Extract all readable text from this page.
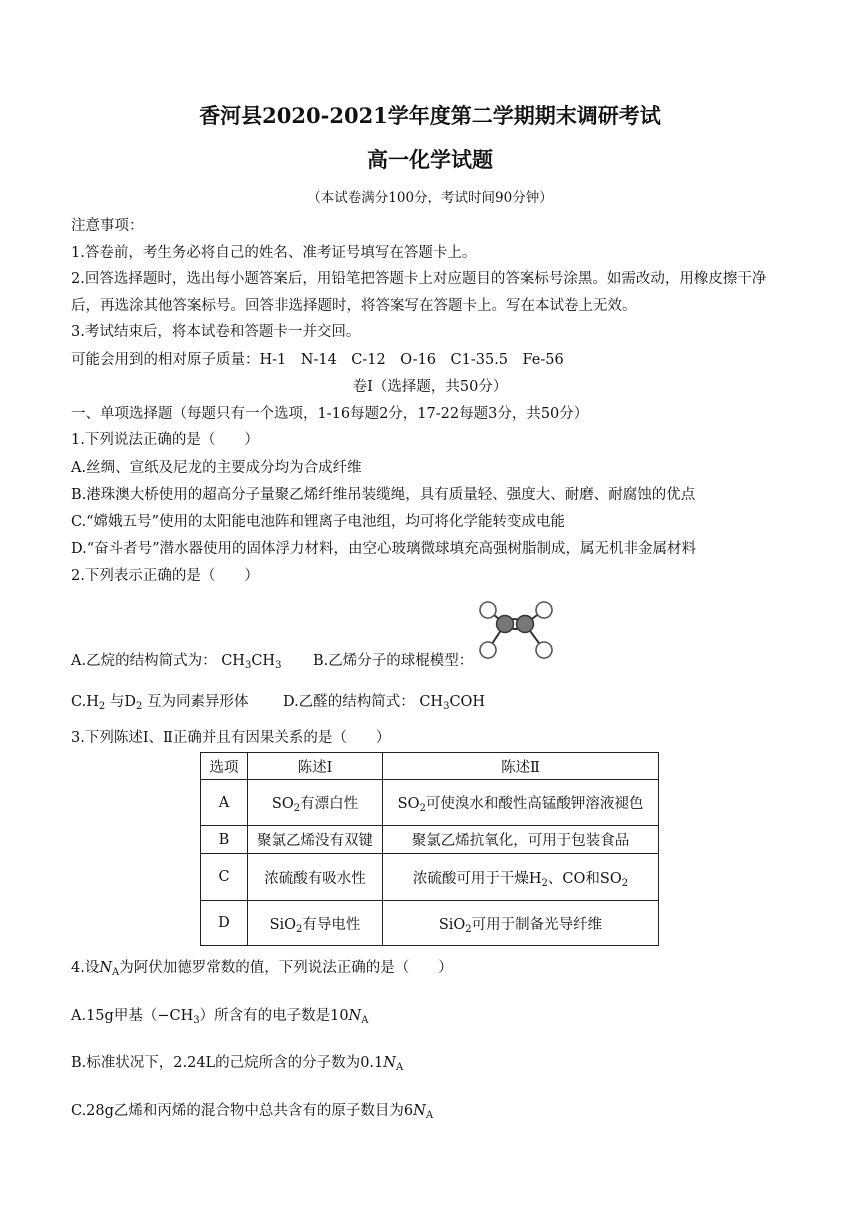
香河县2020-2021学年度第二学期期末调研考试
高一化学试题
（本试卷满分100分，考试时间90分钟）
注意事项：
1.答卷前，考生务必将自己的姓名、准考证号填写在答题卡上。
2.回答选择题时，选出每小题答案后，用铅笔把答题卡上对应题目的答案标号涂黑。如需改动，用橡皮擦干净
后，再选涂其他答案标号。回答非选择题时，将答案写在答题卡上。写在本试卷上无效。
3.考试结束后，将本试卷和答题卡一并交回。
可能会用到的相对原子质量：H-1　N-14　C-12　O-16　C1-35.5　Fe-56
卷Ⅰ（选择题，共50分）
一、单项选择题（每题只有一个选项，1-16每题2分，17-22每题3分，共50分）
1.下列说法正确的是（　　）
A.丝绸、宣纸及尼龙的主要成分均为合成纤维
B.港珠澳大桥使用的超高分子量聚乙烯纤维吊装缆绳，具有质量轻、强度大、耐磨、耐腐蚀的优点
C.“嫦娥五号”使用的太阳能电池阵和锂离子电池组，均可将化学能转变成电能
D.“奋斗者号”潜水器使用的固体浮力材料，由空心玻璃微球填充高强树脂制成，属无机非金属材料
2.下列表示正确的是（　　）
A.乙烷的结构简式为： $CH_3CH_3$ B.乙烯分子的球棍模型：
$C.H_2$ 与$D_2$ 互为同素异形体 D.乙醛的结构简式： $CH_3COH$
3.下列陈述Ⅰ、Ⅱ正确并且有因果关系的是（　　）
选项	陈述Ⅰ	陈述Ⅱ
A	$SO_2$有漂白性	$SO_2$可使溴水和酸性高锰酸钾溶液褪色
B	聚氯乙烯没有双键	聚氯乙烯抗氧化，可用于包装食品
C	浓硫酸有吸水性	浓硫酸可用于干燥$H_2$、CO和$SO_2$
D	SiO$_2$有导电性	SiO$_2$可用于制备光导纤维
4.设$N_A$为阿伏加德罗常数的值，下列说法正确的是（　　）
A.15g甲基$(-CH_3)$所含有的电子数是$10N_A$
B.标准状况下，2.24L的己烷所含的分子数为$0.1N_A$
C.28g乙烯和丙烯的混合物中总共含有的原子数目为$6N_A$
